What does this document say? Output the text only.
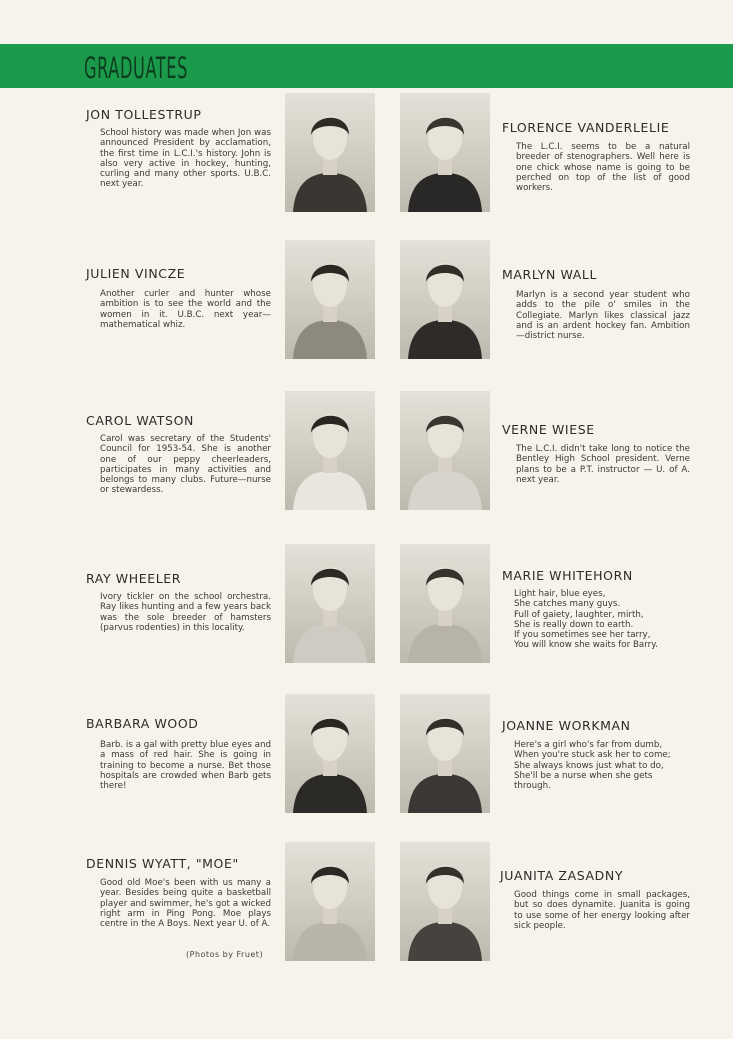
GRADUATES
JON TOLLESTRUP
School history was made when Jon was announced President by acclamation, the first time in L.C.I.'s history. John is also very active in hockey, hunting, curling and many other sports. U.B.C. next year.
FLORENCE VANDERLELIE
The L.C.I. seems to be a natural breeder of stenographers. Well here is one chick whose name is going to be perched on top of the list of good workers.
JULIEN VINCZE
Another curler and hunter whose ambition is to see the world and the women in it. U.B.C. next year—mathematical whiz.
MARLYN WALL
Marlyn is a second year student who adds to the pile o' smiles in the Collegiate. Marlyn likes classical jazz and is an ardent hockey fan. Ambition—district nurse.
CAROL WATSON
Carol was secretary of the Students' Council for 1953-54. She is another one of our peppy cheerleaders, participates in many activities and belongs to many clubs. Future—nurse or stewardess.
VERNE WIESE
The L.C.I. didn't take long to notice the Bentley High School president. Verne plans to be a P.T. instructor — U. of A. next year.
RAY WHEELER
Ivory tickler on the school orchestra. Ray likes hunting and a few years back was the sole breeder of hamsters (parvus rodenties) in this locality.
MARIE WHITEHORN
Light hair, blue eyes,
She catches many guys.
Full of gaiety, laughter, mirth,
She is really down to earth.
If you sometimes see her tarry,
You will know she waits for Barry.
BARBARA WOOD
Barb. is a gal with pretty blue eyes and a mass of red hair. She is going in training to become a nurse. Bet those hospitals are crowded when Barb gets there!
JOANNE WORKMAN
Here's a girl who's far from dumb,
When you're stuck ask her to come;
She always knows just what to do,
She'll be a nurse when she gets
through.
DENNIS WYATT, "MOE"
Good old Moe's been with us many a year. Besides being quite a basketball player and swimmer, he's got a wicked right arm in Ping Pong. Moe plays centre in the A Boys. Next year U. of A.
JUANITA ZASADNY
Good things come in small packages, but so does dynamite. Juanita is going to use some of her energy looking after sick people.
(Photos by Fruet)
